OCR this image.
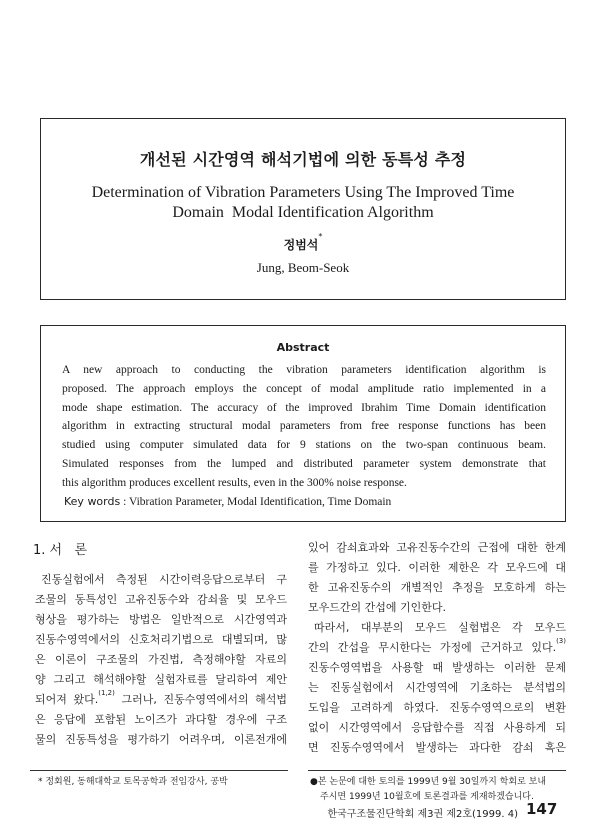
개선된 시간영역 해석기법에 의한 동특성 추정
Determination of Vibration Parameters Using The Improved Time
Domain  Modal Identification Algorithm
정범석*
Jung, Beom-Seok
Abstract
A new approach to conducting the vibration parameters identification algorithm is
proposed. The approach employs the concept of modal amplitude ratio implemented in a
mode shape estimation. The accuracy of the improved Ibrahim Time Domain identification
algorithm in extracting structural modal parameters from free response functions has been
studied using computer simulated data for 9 stations on the two-span continuous beam.
Simulated responses from the lumped and distributed parameter system demonstrate that
this algorithm produces excellent results, even in the 300% noise response.
Key words : Vibration Parameter, Modal Identification, Time Domain
1. 서   론
진동실험에서 측정된 시간이력응답으로부터 구
조물의 동특성인 고유진동수와 감쇠율 및 모우드
형상을 평가하는 방법은 일반적으로 시간영역과
진동수영역에서의 신호처리기법으로 대별되며, 많
은 이론이 구조물의 가진법, 측정해야할 자료의
양 그리고 해석해야할 실험자료를 달리하여 제안
되어져 왔다.$^{(1,2)}$ 그러나, 진동수영역에서의 해석법
은 응답에 포함된 노이즈가 과다할 경우에 구조
물의 진동특성을 평가하기 어려우며, 이론전개에
있어 감쇠효과와 고유진동수간의 근접에 대한 한계
를 가정하고 있다. 이러한 제한은 각 모우드에 대
한 고유진동수의 개별적인 추정을 모호하게 하는
모우드간의 간섭에 기인한다.
따라서, 대부분의 모우드 실험법은 각 모우드
간의 간섭을 무시한다는 가정에 근거하고 있다.$^{(3)}$
진동수영역법을 사용할 때 발생하는 이러한 문제
는 진동실험에서 시간영역에 기초하는 분석법의
도입을 고려하게 하였다. 진동수영역으로의 변환
없이 시간영역에서 응답함수를 직접 사용하게 되
면 진동수영역에서 발생하는 과다한 감쇠 혹은
* 정회원, 동해대학교 토목공학과 전임강사, 공박	●본 논문에 대한 토의를 1999년 9월 30일까지 학회로 보내
주시면 1999년 10월호에 토론결과를 게재하겠습니다.
한국구조물진단학회 제3권 제2호(1999. 4) 147
